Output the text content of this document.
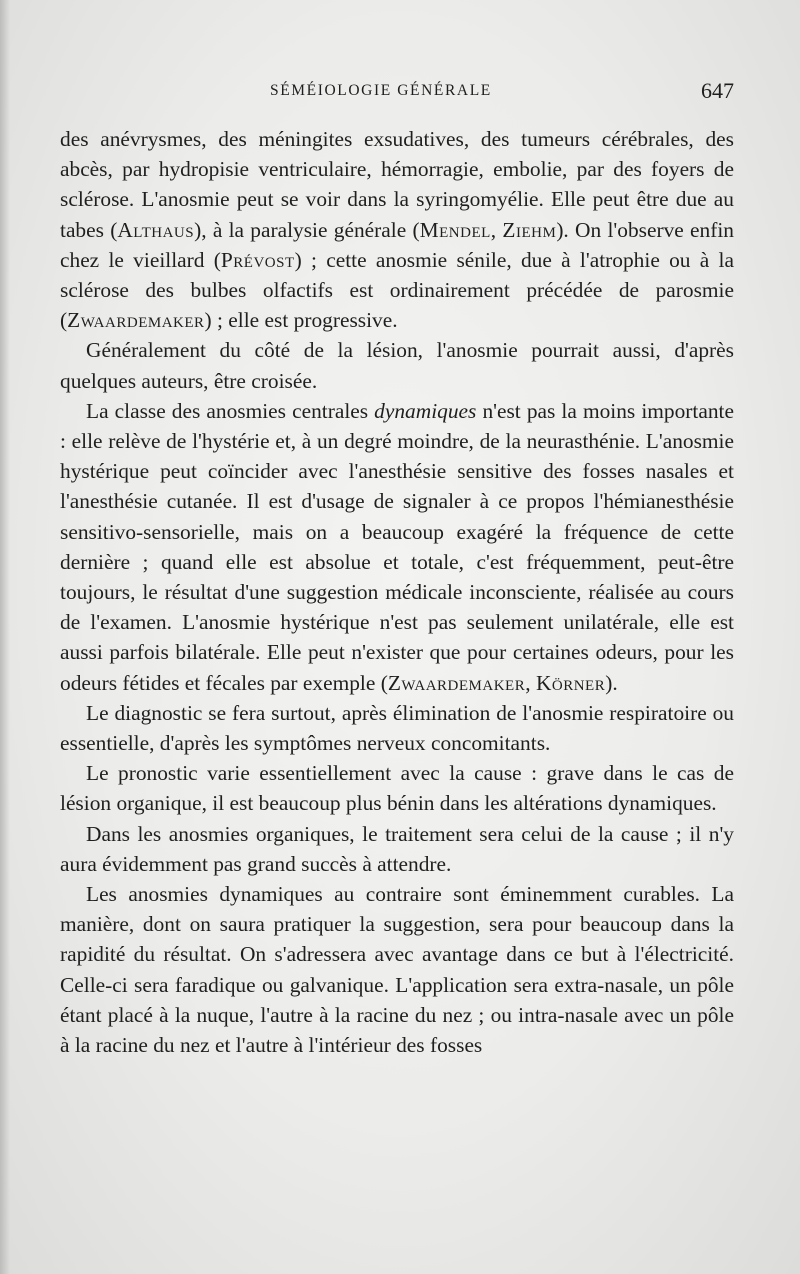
SÉMÉIOLOGIE GÉNÉRALE	647

des anévrysmes, des méningites exsudatives, des tumeurs cérébrales, des abcès, par hydropisie ventriculaire, hémorragie, embolie, par des foyers de sclérose. L'anosmie peut se voir dans la syringomyélie. Elle peut être due au tabes (Althaus), à la paralysie générale (Mendel, Ziehm). On l'observe enfin chez le vieillard (Prévost) ; cette anosmie sénile, due à l'atrophie ou à la sclérose des bulbes olfactifs est ordinairement précédée de parosmie (Zwaardemaker) ; elle est progressive.

Généralement du côté de la lésion, l'anosmie pourrait aussi, d'après quelques auteurs, être croisée.

La classe des anosmies centrales dynamiques n'est pas la moins importante : elle relève de l'hystérie et, à un degré moindre, de la neurasthénie. L'anosmie hystérique peut coïncider avec l'anesthésie sensitive des fosses nasales et l'anesthésie cutanée. Il est d'usage de signaler à ce propos l'hémianesthésie sensitivo-sensorielle, mais on a beaucoup exagéré la fréquence de cette dernière ; quand elle est absolue et totale, c'est fréquemment, peut-être toujours, le résultat d'une suggestion médicale inconsciente, réalisée au cours de l'examen. L'anosmie hystérique n'est pas seulement unilatérale, elle est aussi parfois bilatérale. Elle peut n'exister que pour certaines odeurs, pour les odeurs fétides et fécales par exemple (Zwaardemaker, Körner).

Le diagnostic se fera surtout, après élimination de l'anosmie respiratoire ou essentielle, d'après les symptômes nerveux concomitants.

Le pronostic varie essentiellement avec la cause : grave dans le cas de lésion organique, il est beaucoup plus bénin dans les altérations dynamiques.

Dans les anosmies organiques, le traitement sera celui de la cause ; il n'y aura évidemment pas grand succès à attendre.

Les anosmies dynamiques au contraire sont éminemment curables. La manière, dont on saura pratiquer la suggestion, sera pour beaucoup dans la rapidité du résultat. On s'adressera avec avantage dans ce but à l'électricité. Celle-ci sera faradique ou galvanique. L'application sera extra-nasale, un pôle étant placé à la nuque, l'autre à la racine du nez ; ou intra-nasale avec un pôle à la racine du nez et l'autre à l'intérieur des fosses
